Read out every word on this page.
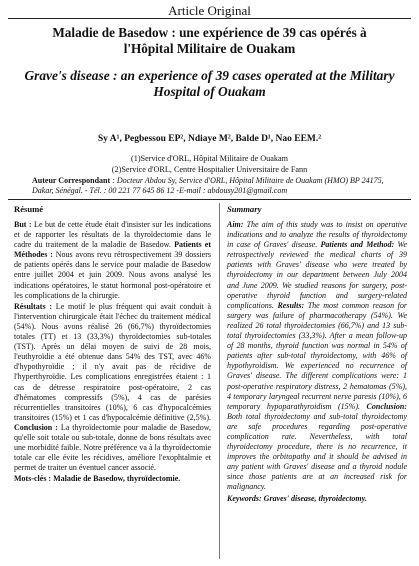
Article Original
Maladie de Basedow : une expérience de 39 cas opérés à l'Hôpital Militaire de Ouakam
Grave's disease : an experience of 39 cases operated at the Military Hospital of Ouakam
Sy A¹, Pegbessou EP², Ndiaye M², Balde D¹, Nao EEM.²
(1)Service d'ORL, Hôpital Militaire de Ouakam
(2)Service d'ORL, Centre Hospitalier Universitaire de Fann
Auteur Correspondant : Docteur Abdou Sy, Service d'ORL, Hôpital Militaire de Ouakam (HMO) BP 24175, Dakar, Sénégal. - Tél. : 00 221 77 645 86 12 -E-mail : abdousy201@gmail.com
Résumé	Summary

But : Le but de cette étude était d'insister sur les indications et de rapporter les résultats de la thyroïdectomie dans le cadre du traitement de la maladie de Basedow. Patients et Méthodes : Nous avons revu rétrospectivement 39 dossiers de patients opérés dans le service pour maladie de Basedow entre juillet 2004 et juin 2009. Nous avons analysé les indications opératoires, le statut hormonal post-opératoire et les complications de la chirurgie.

Résultats : Le motif le plus fréquent qui avait conduit à l'intervention chirurgicale était l'échec du traitement médical (54%). Nous avons réalisé 26 (66,7%) thyroïdectomies totales (TT) et 13 (33,3%) thyroïdectomies sub-totales (TST). Après un délai moyen de suivi de 28 mois, l'euthyroïdie a été obtenue dans 54% des TST, avec 46% d'hypothyroïdie ; il n'y avait pas de récidive de l'hyperthyroïdie. Les complications enregistrées étaient : 1 cas de détresse respiratoire post-opératoire, 2 cas d'hématomes compressifs (5%), 4 cas de parésies récurrentielles transitoires (10%), 6 cas d'hypocalcémies transitoires (15%) et 1 cas d'hypocalcémie définitive (2,5%). Conclusion : La thyroïdectomie pour maladie de Basedow, qu'elle soit totale ou sub-totale, donne de bons résultats avec une morbidité faible. Notre préférence va à la thyroïdectomie totale car elle évite les récidives, améliore l'exophtalmie et permet de traiter un éventuel cancer associé.

Mots-clés : Maladie de Basedow, thyroïdectomie.

Aim: The aim of this study was to insist on operative indications and to analyze the results of thyroidectomy in case of Graves' disease. Patients and Method: We retrospectively reviewed the medical charts of 39 patients with Graves' disease who were treated by thyroidectomy in our department between July 2004 and June 2009. We studied reasons for surgery, post-operative thyroid function and surgery-related complications. Results: The most common reason for surgery was failure of pharmacotherapy (54%). We realized 26 total thyroidectomies (66,7%) and 13 sub-total thyroidectomies (33,3%). After a mean follow-up of 28 months, thyroid function was normal in 54% of patients after sub-total thyroidectomy, with 46% of hypothyroidism. We experienced no recurrence of Graves' disease. The different complications were: 1 post-operative respiratory distress, 2 hematomas (5%), 4 temporary laryngeal recurrent nerve paresis (10%), 6 temporary hypoparathyroidism (15%). Conclusion: Both total thyroidectomy and sub-total thyroidectomy are safe procedures regarding post-operative complication rate. Nevertheless, with total thyroidectomy procedure, there is no recurrence, it improves the orbitopathy and it should be advised in any patient with Graves' disease and a thyroid nodule since those patients are at an increased risk for malignancy.

Keywords: Graves' disease, thyroidectomy.
